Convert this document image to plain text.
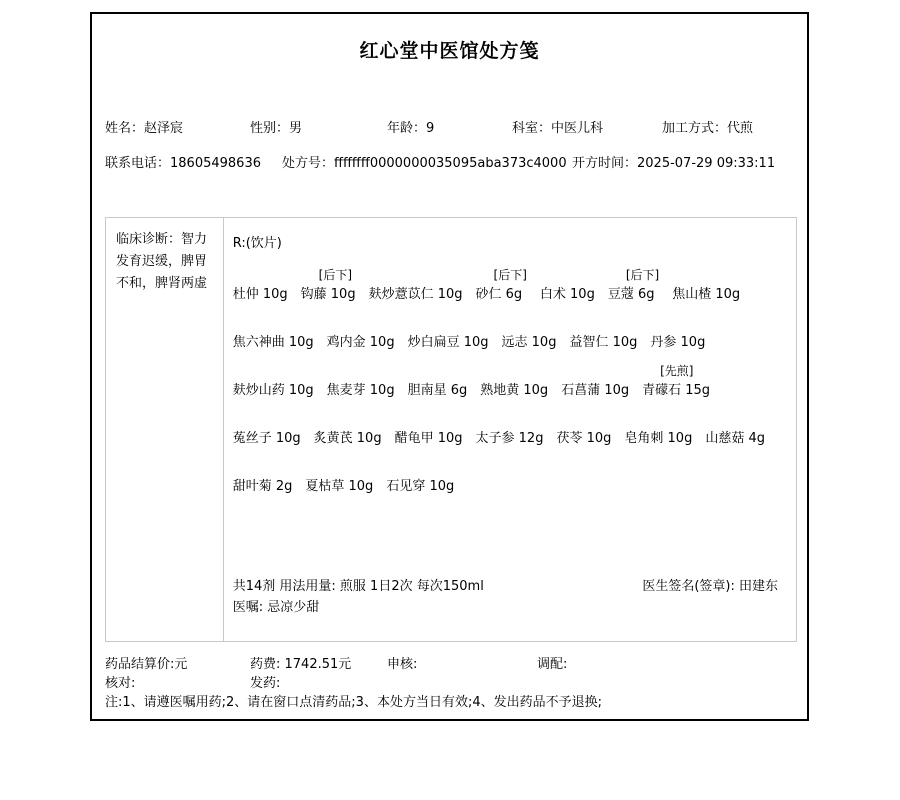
红心堂中医馆处方笺
姓名：赵泽宸	性别：男	年龄：9	科室：中医儿科	加工方式：代煎
联系电话：18605498636 处方号：ffffffff0000000035095aba373c4000 开方时间：2025-07-29 09:33:11
临床诊断：智力发育迟缓，脾胃不和，脾肾两虚
R:(饮片)

杜仲 10g
[后下]
钩藤 10g
麸炒薏苡仁 10g
[后下]
砂仁 6g
	白术 10g
[后下]
豆蔻 6g
	焦山楂 10g

焦六神曲 10g
鸡内金 10g
炒白扁豆 10g
远志 10g
益智仁 10g
丹参 10g

麸炒山药 10g
焦麦芽 10g
胆南星 6g
熟地黄 10g
石菖蒲 10g
[先煎]
青礞石 15g

菟丝子 10g
炙黄芪 10g
醋龟甲 10g
太子参 12g
茯苓 10g
皂角刺 10g
山慈菇 4g

甜叶菊 2g
夏枯草 10g
石见穿 10g
共14剂 用法用量: 煎服 1日2次 每次150ml	医生签名(签章): 田建东
医嘱: 忌凉少甜
药品结算价:元	药费: 1742.51元	申核:	调配:
核对:	发药:
注:1、请遵医嘱用药;2、请在窗口点清药品;3、本处方当日有效;4、发出药品不予退换;
